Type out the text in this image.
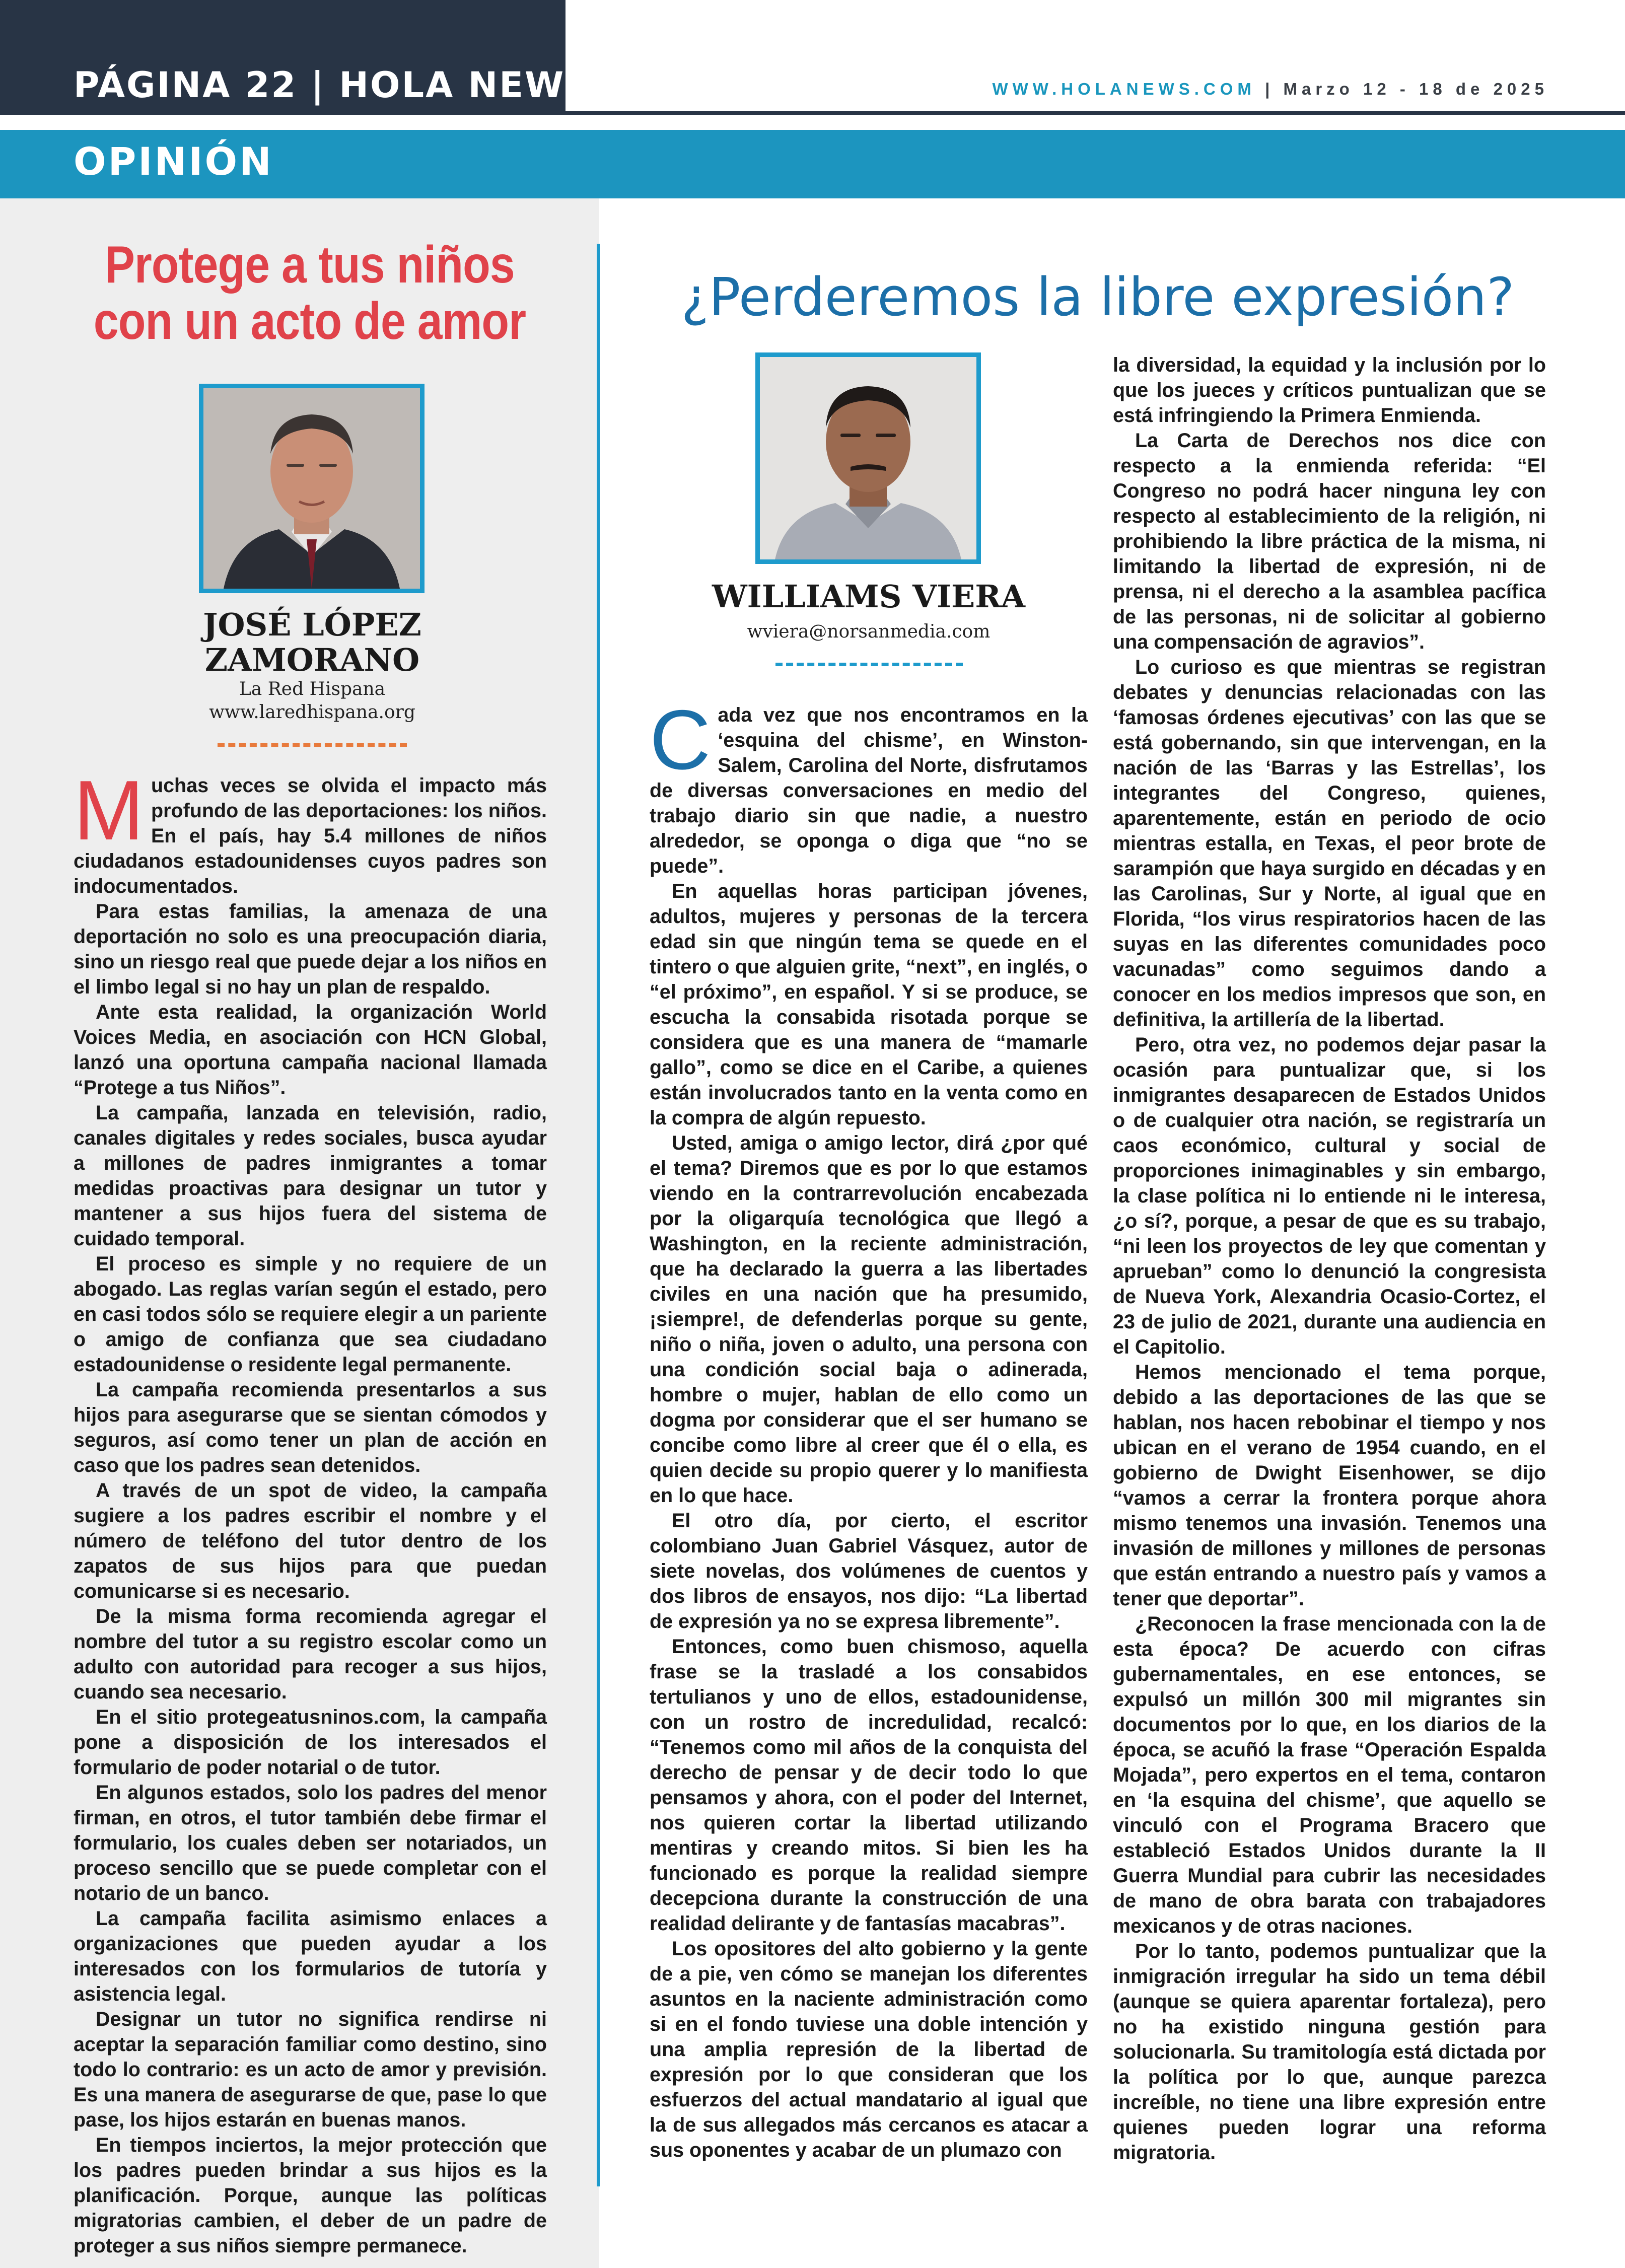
PÁGINA 22 | HOLA NEWS	WWW.HOLANEWS.COM | Marzo 12 - 18 de 2025
OPINIÓN
Protege a tus niños
con un acto de amor
JOSÉ LÓPEZ
ZAMORANO
La Red Hispana
www.laredhispana.org

Muchas veces se olvida el impacto más profundo de las deportaciones: los niños. En el país, hay 5.4 millones de niños ciudadanos estadounidenses cuyos padres son indocumentados.

Para estas familias, la amenaza de una deportación no solo es una preocupación diaria, sino un riesgo real que puede dejar a los niños en el limbo legal si no hay un plan de respaldo.

Ante esta realidad, la organización World Voices Media, en asociación con HCN Global, lanzó una oportuna campaña nacional llamada “Protege a tus Niños”.

La campaña, lanzada en televisión, radio, canales digitales y redes sociales, busca ayudar a millones de padres inmigrantes a tomar medidas proactivas para designar un tutor y mantener a sus hijos fuera del sistema de cuidado temporal.

El proceso es simple y no requiere de un abogado. Las reglas varían según el estado, pero en casi todos sólo se requiere elegir a un pariente o amigo de confianza que sea ciudadano estadounidense o residente legal permanente.

La campaña recomienda presentarlos a sus hijos para asegurarse que se sientan cómodos y seguros, así como tener un plan de acción en caso que los padres sean detenidos.

A través de un spot de video, la campaña sugiere a los padres escribir el nombre y el número de teléfono del tutor dentro de los zapatos de sus hijos para que puedan comunicarse si es necesario.

De la misma forma recomienda agregar el nombre del tutor a su registro escolar como un adulto con autoridad para recoger a sus hijos, cuando sea necesario.

En el sitio protegeatusninos.com, la campaña pone a disposición de los interesados el formulario de poder notarial o de tutor.

En algunos estados, solo los padres del menor firman, en otros, el tutor también debe firmar el formulario, los cuales deben ser notariados, un proceso sencillo que se puede completar con el notario de un banco.

La campaña facilita asimismo enlaces a organizaciones que pueden ayudar a los interesados con los formularios de tutoría y asistencia legal.

Designar un tutor no significa rendirse ni aceptar la separación familiar como destino, sino todo lo contrario: es un acto de amor y previsión. Es una manera de asegurarse de que, pase lo que pase, los hijos estarán en buenas manos.

En tiempos inciertos, la mejor protección que los padres pueden brindar a sus hijos es la planificación. Porque, aunque las políticas migratorias cambien, el deber de un padre de proteger a sus niños siempre permanece.

¿Perderemos la libre expresión?
WILLIAMS VIERA
wviera@norsanmedia.com

Cada vez que nos encontramos en la ‘esquina del chisme’, en Winston-Salem, Carolina del Norte, disfrutamos de diversas conversaciones en medio del trabajo diario sin que nadie, a nuestro alrededor, se oponga o diga que “no se puede”.

En aquellas horas participan jóvenes, adultos, mujeres y personas de la tercera edad sin que ningún tema se quede en el tintero o que alguien grite, “next”, en inglés, o “el próximo”, en español. Y si se produce, se escucha la consabida risotada porque se considera que es una manera de “mamarle gallo”, como se dice en el Caribe, a quienes están involucrados tanto en la venta como en la compra de algún repuesto.

Usted, amiga o amigo lector, dirá ¿por qué el tema? Diremos que es por lo que estamos viendo en la contrarrevolución encabezada por la oligarquía tecnológica que llegó a Washington, en la reciente administración, que ha declarado la guerra a las libertades civiles en una nación que ha presumido, ¡siempre!, de defenderlas porque su gente, niño o niña, joven o adulto, una persona con una condición social baja o adinerada, hombre o mujer, hablan de ello como un dogma por considerar que el ser humano se concibe como libre al creer que él o ella, es quien decide su propio querer y lo manifiesta en lo que hace.

El otro día, por cierto, el escritor colombiano Juan Gabriel Vásquez, autor de siete novelas, dos volúmenes de cuentos y dos libros de ensayos, nos dijo: “La libertad de expresión ya no se expresa libremente”.

Entonces, como buen chismoso, aquella frase se la trasladé a los consabidos tertulianos y uno de ellos, estadounidense, con un rostro de incredulidad, recalcó: “Tenemos como mil años de la conquista del derecho de pensar y de decir todo lo que pensamos y ahora, con el poder del Internet, nos quieren cortar la libertad utilizando mentiras y creando mitos. Si bien les ha funcionado es porque la realidad siempre decepciona durante la construcción de una realidad delirante y de fantasías macabras”.

Los opositores del alto gobierno y la gente de a pie, ven cómo se manejan los diferentes asuntos en la naciente administración como si en el fondo tuviese una doble intención y una amplia represión de la libertad de expresión por lo que consideran que los esfuerzos del actual mandatario al igual que la de sus allegados más cercanos es atacar a sus oponentes y acabar de un plumazo con

la diversidad, la equidad y la inclusión por lo que los jueces y críticos puntualizan que se está infringiendo la Primera Enmienda.

La Carta de Derechos nos dice con respecto a la enmienda referida: “El Congreso no podrá hacer ninguna ley con respecto al establecimiento de la religión, ni prohibiendo la libre práctica de la misma, ni limitando la libertad de expresión, ni de prensa, ni el derecho a la asamblea pacífica de las personas, ni de solicitar al gobierno una compensación de agravios”.

Lo curioso es que mientras se registran debates y denuncias relacionadas con las ‘famosas órdenes ejecutivas’ con las que se está gobernando, sin que intervengan, en la nación de las ‘Barras y las Estrellas’, los integrantes del Congreso, quienes, aparentemente, están en periodo de ocio mientras estalla, en Texas, el peor brote de sarampión que haya surgido en décadas y en las Carolinas, Sur y Norte, al igual que en Florida, “los virus respiratorios hacen de las suyas en las diferentes comunidades poco vacunadas” como seguimos dando a conocer en los medios impresos que son, en definitiva, la artillería de la libertad.

Pero, otra vez, no podemos dejar pasar la ocasión para puntualizar que, si los inmigrantes desaparecen de Estados Unidos o de cualquier otra nación, se registraría un caos económico, cultural y social de proporciones inimaginables y sin embargo, la clase política ni lo entiende ni le interesa, ¿o sí?, porque, a pesar de que es su trabajo, “ni leen los proyectos de ley que comentan y aprueban” como lo denunció la congresista de Nueva York, Alexandria Ocasio-Cortez, el 23 de julio de 2021, durante una audiencia en el Capitolio.

Hemos mencionado el tema porque, debido a las deportaciones de las que se hablan, nos hacen rebobinar el tiempo y nos ubican en el verano de 1954 cuando, en el gobierno de Dwight Eisenhower, se dijo “vamos a cerrar la frontera porque ahora mismo tenemos una invasión. Tenemos una invasión de millones y millones de personas que están entrando a nuestro país y vamos a tener que deportar”.

¿Reconocen la frase mencionada con la de esta época? De acuerdo con cifras gubernamentales, en ese entonces, se expulsó un millón 300 mil migrantes sin documentos por lo que, en los diarios de la época, se acuñó la frase “Operación Espalda Mojada”, pero expertos en el tema, contaron en ‘la esquina del chisme’, que aquello se vinculó con el Programa Bracero que estableció Estados Unidos durante la II Guerra Mundial para cubrir las necesidades de mano de obra barata con trabajadores mexicanos y de otras naciones.

Por lo tanto, podemos puntualizar que la inmigración irregular ha sido un tema débil (aunque se quiera aparentar fortaleza), pero no ha existido ninguna gestión para solucionarla. Su tramitología está dictada por la política por lo que, aunque parezca increíble, no tiene una libre expresión entre quienes pueden lograr una reforma migratoria.
